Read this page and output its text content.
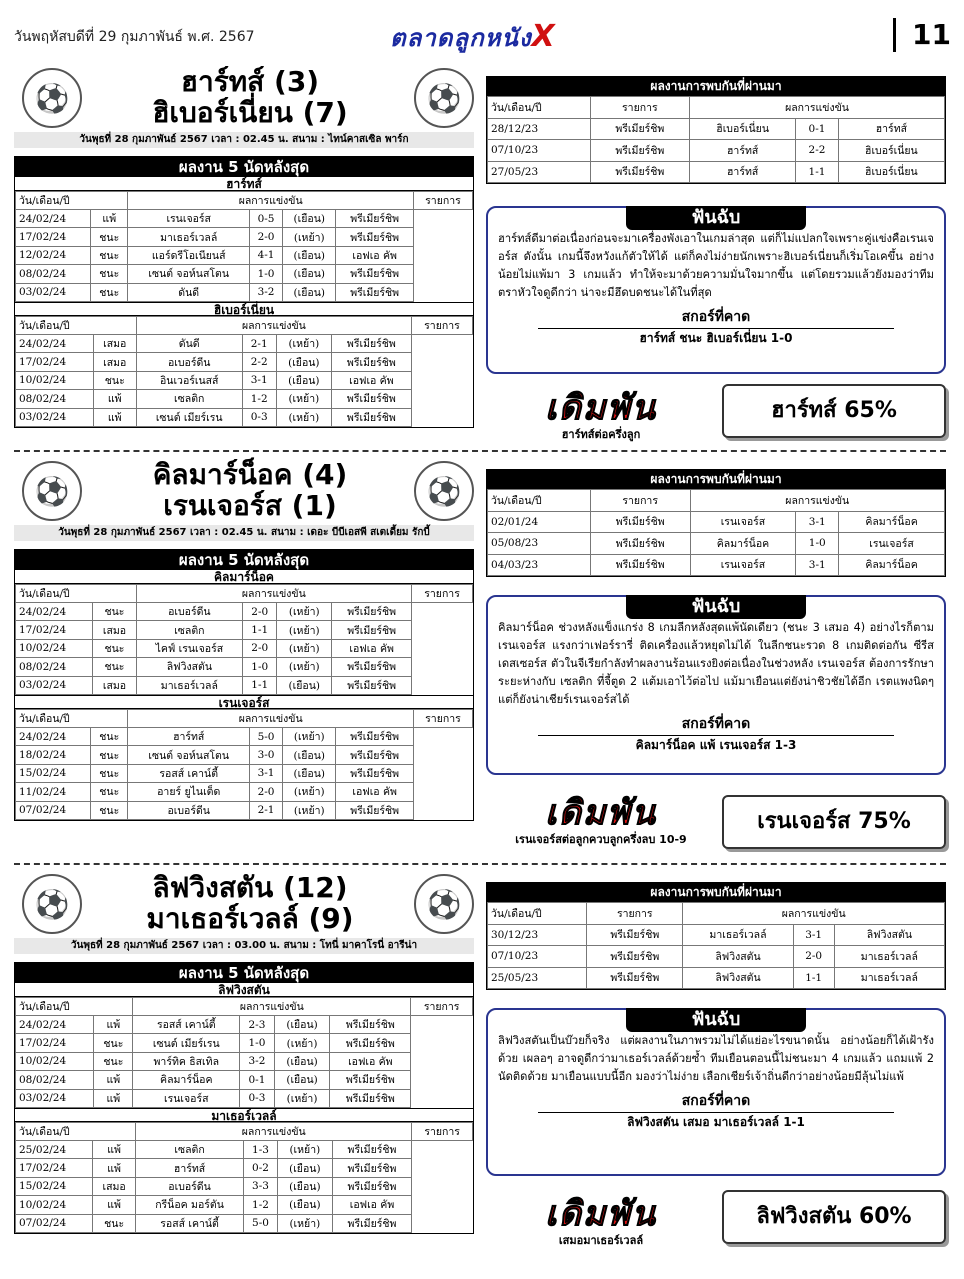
วันพฤหัสบดีที่ 29 กุมภาพันธ์ พ.ศ. 2567	ตลาดลูกหนังX	11
⚽	⚽
ฮาร์ทส์ (3)
ฮิเบอร์เนี่ยน (7)
วันพุธที่ 28 กุมภาพันธ์ 2567 เวลา : 02.45 น. สนาม : ไทน์คาสเซิล พาร์ก
ผลงาน 5 นัดหลังสุด
ฮาร์ทส์
วัน/เดือน/ปี		ผลการแข่งขัน				รายการ
24/02/24	แพ้	เรนเจอร์ส	0-5	(เยือน)	พรีเมียร์ชิพ	
17/02/24	ชนะ	มาเธอร์เวลล์	2-0	(เหย้า)	พรีเมียร์ชิพ	
12/02/24	ชนะ	แอร์ดรีโอเนียนส์	4-1	(เยือน)	เอฟเอ คัพ	
08/02/24	ชนะ	เซนต์ จอห์นสโตน	1-0	(เยือน)	พรีเมียร์ชิพ	
03/02/24	ชนะ	ดันดี	3-2	(เยือน)	พรีเมียร์ชิพ	
ฮิเบอร์เนี่ยน
วัน/เดือน/ปี		ผลการแข่งขัน				รายการ
24/02/24	เสมอ	ดันดี	2-1	(เหย้า)	พรีเมียร์ชิพ	
17/02/24	เสมอ	อเบอร์ดีน	2-2	(เยือน)	พรีเมียร์ชิพ	
10/02/24	ชนะ	อินเวอร์เนสส์	3-1	(เยือน)	เอฟเอ คัพ	
08/02/24	แพ้	เซลติก	1-2	(เหย้า)	พรีเมียร์ชิพ	
03/02/24	แพ้	เซนต์ เมียร์เรน	0-3	(เหย้า)	พรีเมียร์ชิพ	
ผลงานการพบกันที่ผ่านมา
วัน/เดือน/ปี	รายการ	ผลการแข่งขัน		
28/12/23	พรีเมียร์ชิพ	ฮิเบอร์เนี่ยน	0-1	ฮาร์ทส์
07/10/23	พรีเมียร์ชิพ	ฮาร์ทส์	2-2	ฮิเบอร์เนี่ยน
27/05/23	พรีเมียร์ชิพ	ฮาร์ทส์	1-1	ฮิเบอร์เนี่ยน
ฟันฉับ

ฮาร์ทส์ดีมาต่อเนื่องก่อนจะมาเครื่องพังเอาในเกมล่าสุด แต่ก็ไม่แปลกใจเพราะคู่แข่งคือเรนเจอร์ส ดังนั้น เกมนี้จึงหวังแก้ตัวให้ได้ แต่ก็คงไม่ง่ายนักเพราะฮิเบอร์เนี่ยนก็เริ่มโอเคขึ้น อย่างน้อยไม่แพ้มา 3 เกมแล้ว ทำให้จะมาด้วยความมั่นใจมากขึ้น แต่โดยรวมแล้วยังมองว่าทีมตราหัวใจดูดีกว่า น่าจะมีฮึดบดชนะได้ในที่สุด

สกอร์ที่คาด
ฮาร์ทส์ ชนะ ฮิเบอร์เนี่ยน 1-0
เดิมพัน
ฮาร์ทส์ต่อครึ่งลูก
ฮาร์ทส์ 65%
⚽	⚽
คิลมาร์น็อค (4)
เรนเจอร์ส (1)
วันพุธที่ 28 กุมภาพันธ์ 2567 เวลา : 02.45 น. สนาม : เดอะ บีบีเอสพี สเตเดี้ยม รักบี้
ผลงาน 5 นัดหลังสุด
คิลมาร์น็อค
วัน/เดือน/ปี		ผลการแข่งขัน				รายการ
24/02/24	ชนะ	อเบอร์ดีน	2-0	(เหย้า)	พรีเมียร์ชิพ	
17/02/24	เสมอ	เซลติก	1-1	(เหย้า)	พรีเมียร์ชิพ	
10/02/24	ชนะ	ไคฟ์ เรนเจอร์ส	2-0	(เหย้า)	เอฟเอ คัพ	
08/02/24	ชนะ	ลิฟวิงสตัน	1-0	(เหย้า)	พรีเมียร์ชิพ	
03/02/24	เสมอ	มาเธอร์เวลล์	1-1	(เยือน)	พรีเมียร์ชิพ	
เรนเจอร์ส
วัน/เดือน/ปี		ผลการแข่งขัน				รายการ
24/02/24	ชนะ	ฮาร์ทส์	5-0	(เหย้า)	พรีเมียร์ชิพ	
18/02/24	ชนะ	เซนต์ จอห์นสโตน	3-0	(เยือน)	พรีเมียร์ชิพ	
15/02/24	ชนะ	รอสส์ เคาน์ตี้	3-1	(เยือน)	พรีเมียร์ชิพ	
11/02/24	ชนะ	อายร์ ยูไนเต็ด	2-0	(เหย้า)	เอฟเอ คัพ	
07/02/24	ชนะ	อเบอร์ดีน	2-1	(เหย้า)	พรีเมียร์ชิพ	
ผลงานการพบกันที่ผ่านมา
วัน/เดือน/ปี	รายการ	ผลการแข่งขัน		
02/01/24	พรีเมียร์ชิพ	เรนเจอร์ส	3-1	คิลมาร์น็อค
05/08/23	พรีเมียร์ชิพ	คิลมาร์น็อค	1-0	เรนเจอร์ส
04/03/23	พรีเมียร์ชิพ	เรนเจอร์ส	3-1	คิลมาร์น็อค
ฟันฉับ

คิลมาร์น็อค ช่วงหลังแข็งแกร่ง 8 เกมลีกหลังสุดแพ้นัดเดียว (ชนะ 3 เสมอ 4) อย่างไรก็ตาม เรนเจอร์ส แรงกว่าเฟอร์รารี่ ติดเครื่องแล้วหยุดไม่ได้ ในลีกชนะรวด 8 เกมติดต่อกัน ซีรีส เดสเซอร์ส ตัวในจีเรียกำลังทำผลงานร้อนแรงยิงต่อเนื่องในช่วงหลัง เรนเจอร์ส ต้องการรักษาระยะห่างกับ เซลติก ที่จี้ตูด 2 แต้มเอาไว้ต่อไป แม้มาเยือนแต่ยังน่าชิวชัยได้อีก เรตแพงนิดๆ แต่ก็ยังน่าเชียร์เรนเจอร์สได้

สกอร์ที่คาด
คิลมาร์น็อค แพ้ เรนเจอร์ส 1-3
เดิมพัน
เรนเจอร์สต่อลูกควบลูกครึ่งลบ 10-9
เรนเจอร์ส 75%
⚽	⚽
ลิฟวิงสตัน (12)
มาเธอร์เวลล์ (9)
วันพุธที่ 28 กุมภาพันธ์ 2567 เวลา : 03.00 น. สนาม : โทนี่ มาคาโรนี่ อารีน่า
ผลงาน 5 นัดหลังสุด
ลิฟวิงสตัน
วัน/เดือน/ปี		ผลการแข่งขัน				รายการ
24/02/24	แพ้	รอสส์ เคาน์ตี้	2-3	(เยือน)	พรีเมียร์ชิพ	
17/02/24	ชนะ	เซนต์ เมียร์เรน	1-0	(เหย้า)	พรีเมียร์ชิพ	
10/02/24	ชนะ	พาร์ทิค ธิสเทิล	3-2	(เยือน)	เอฟเอ คัพ	
08/02/24	แพ้	คิลมาร์น็อค	0-1	(เยือน)	พรีเมียร์ชิพ	
03/02/24	แพ้	เรนเจอร์ส	0-3	(เหย้า)	พรีเมียร์ชิพ	
มาเธอร์เวลล์
วัน/เดือน/ปี		ผลการแข่งขัน				รายการ
25/02/24	แพ้	เซลติก	1-3	(เหย้า)	พรีเมียร์ชิพ	
17/02/24	แพ้	ฮาร์ทส์	0-2	(เยือน)	พรีเมียร์ชิพ	
15/02/24	เสมอ	อเบอร์ดีน	3-3	(เยือน)	พรีเมียร์ชิพ	
10/02/24	แพ้	กรีน็อค มอร์ตัน	1-2	(เยือน)	เอฟเอ คัพ	
07/02/24	ชนะ	รอสส์ เคาน์ตี้	5-0	(เหย้า)	พรีเมียร์ชิพ	
ผลงานการพบกันที่ผ่านมา
วัน/เดือน/ปี	รายการ	ผลการแข่งขัน		
30/12/23	พรีเมียร์ชิพ	มาเธอร์เวลล์	3-1	ลิฟวิงสตัน
07/10/23	พรีเมียร์ชิพ	ลิฟวิงสตัน	2-0	มาเธอร์เวลล์
25/05/23	พรีเมียร์ชิพ	ลิฟวิงสตัน	1-1	มาเธอร์เวลล์
ฟันฉับ

ลิฟวิงสตันเป็นบ๊วยก็จริง แต่ผลงานในภาพรวมไม่ได้แย่อะไรขนาดนั้น อย่างน้อยก็ได้เฝ้ารังด้วย เผลอๆ อาจดูดีกว่ามาเธอร์เวลล์ด้วยซ้ำ ทีมเยือนตอนนี้ไม่ชนะมา 4 เกมแล้ว แถมแพ้ 2 นัดติดด้วย มาเยือนแบบนี้อีก มองว่าไม่ง่าย เลือกเชียร์เจ้าถิ่นดีกว่าอย่างน้อยมีลุ้นไม่แพ้

สกอร์ที่คาด
ลิฟวิงสตัน เสมอ มาเธอร์เวลล์ 1-1
เดิมพัน
เสมอมาเธอร์เวลล์
ลิฟวิงสตัน 60%
